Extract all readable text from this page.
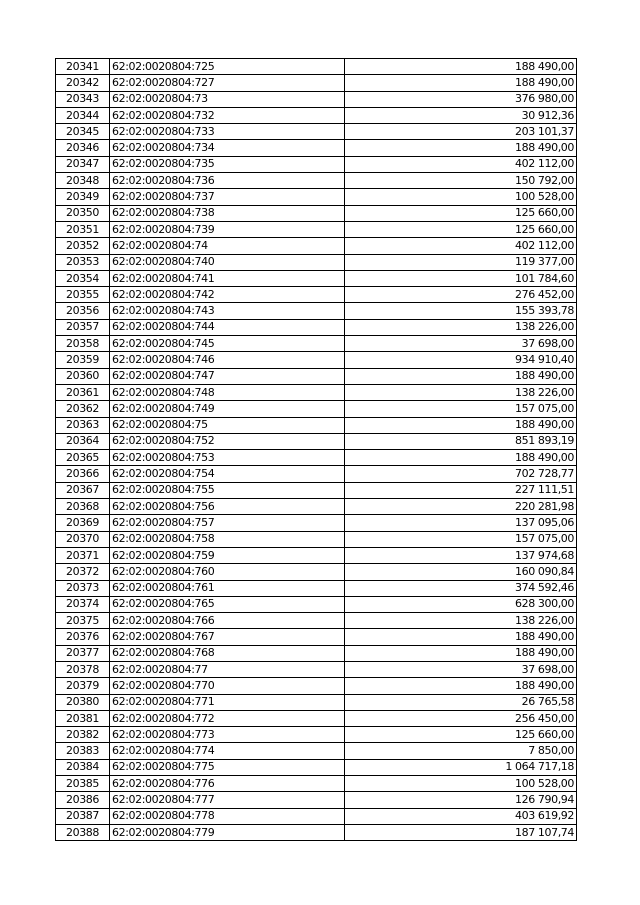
20341	62:02:0020804:725	188 490,00
20342	62:02:0020804:727	188 490,00
20343	62:02:0020804:73	376 980,00
20344	62:02:0020804:732	30 912,36
20345	62:02:0020804:733	203 101,37
20346	62:02:0020804:734	188 490,00
20347	62:02:0020804:735	402 112,00
20348	62:02:0020804:736	150 792,00
20349	62:02:0020804:737	100 528,00
20350	62:02:0020804:738	125 660,00
20351	62:02:0020804:739	125 660,00
20352	62:02:0020804:74	402 112,00
20353	62:02:0020804:740	119 377,00
20354	62:02:0020804:741	101 784,60
20355	62:02:0020804:742	276 452,00
20356	62:02:0020804:743	155 393,78
20357	62:02:0020804:744	138 226,00
20358	62:02:0020804:745	37 698,00
20359	62:02:0020804:746	934 910,40
20360	62:02:0020804:747	188 490,00
20361	62:02:0020804:748	138 226,00
20362	62:02:0020804:749	157 075,00
20363	62:02:0020804:75	188 490,00
20364	62:02:0020804:752	851 893,19
20365	62:02:0020804:753	188 490,00
20366	62:02:0020804:754	702 728,77
20367	62:02:0020804:755	227 111,51
20368	62:02:0020804:756	220 281,98
20369	62:02:0020804:757	137 095,06
20370	62:02:0020804:758	157 075,00
20371	62:02:0020804:759	137 974,68
20372	62:02:0020804:760	160 090,84
20373	62:02:0020804:761	374 592,46
20374	62:02:0020804:765	628 300,00
20375	62:02:0020804:766	138 226,00
20376	62:02:0020804:767	188 490,00
20377	62:02:0020804:768	188 490,00
20378	62:02:0020804:77	37 698,00
20379	62:02:0020804:770	188 490,00
20380	62:02:0020804:771	26 765,58
20381	62:02:0020804:772	256 450,00
20382	62:02:0020804:773	125 660,00
20383	62:02:0020804:774	7 850,00
20384	62:02:0020804:775	1 064 717,18
20385	62:02:0020804:776	100 528,00
20386	62:02:0020804:777	126 790,94
20387	62:02:0020804:778	403 619,92
20388	62:02:0020804:779	187 107,74
